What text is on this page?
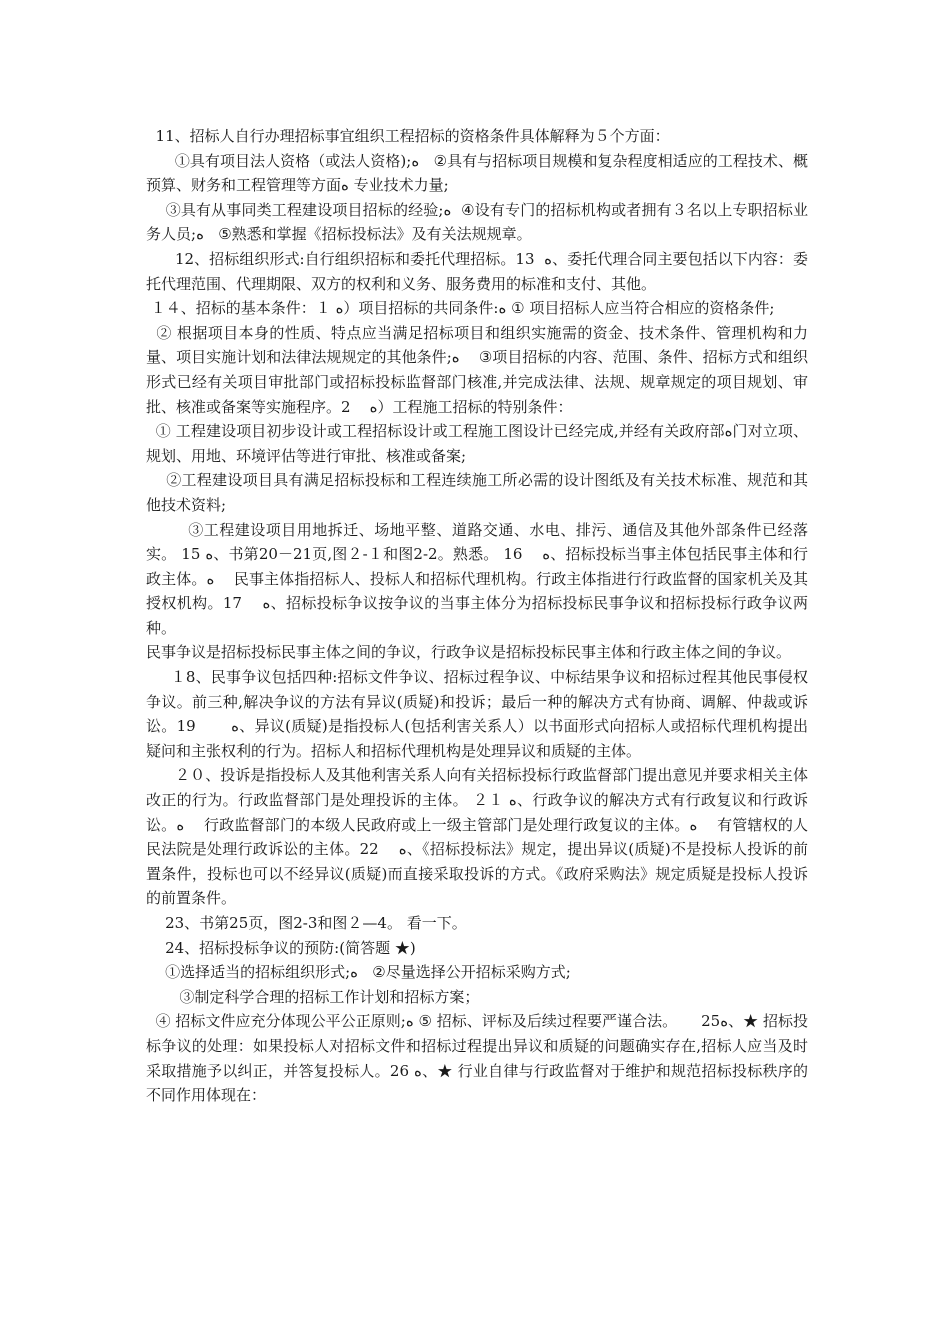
11、招标人自行办理招标事宜组织工程招标的资格条件具体解释为５个方面：

①具有项目法人资格（或法人资格);ﻩ   ②具有与招标项目规模和复杂程度相适应的工程技术、概预算、财务和工程管理等方面ﻩ 专业技术力量;

③具有从事同类工程建设项目招标的经验;ﻩ  ④设有专门的招标机构或者拥有３名以上专职招标业务人员;ﻩ   ⑤熟悉和掌握《招标投标法》及有关法规规章。

12、招标组织形式:自行组织招标和委托代理招标。13  ﻩ、委托代理合同主要包括以下内容：委托代理范围、代理期限、双方的权利和义务、服务费用的标准和支付、其他。

１４、招标的基本条件：１ ﻩ）项目招标的共同条件:ﻩ ① 项目招标人应当符合相应的资格条件;

② 根据项目本身的性质、特点应当满足招标项目和组织实施需的资金、技术条件、管理机构和力量、项目实施计划和法律法规规定的其他条件;ﻩ    ③项目招标的内容、范围、条件、招标方式和组织形式已经有关项目审批部门或招标投标监督部门核准,并完成法律、法规、规章规定的项目规划、审批、核准或备案等实施程序。2    ﻩ）工程施工招标的特别条件：

① 工程建设项目初步设计或工程招标设计或工程施工图设计已经完成,并经有关政府部ﻩ门对立项、规划、用地、环境评估等进行审批、核准或备案;

②工程建设项目具有满足招标投标和工程连续施工所必需的设计图纸及有关技术标准、规范和其他技术资料;

③工程建设项目用地拆迁、场地平整、道路交通、水电、排污、通信及其他外部条件已经落实。 15 ﻩ、书第20－21页,图２-１和图2-2。熟悉。 16    ﻩ、招标投标当事主体包括民事主体和行政主体。ﻩ    民事主体指招标人、投标人和招标代理机构。行政主体指进行行政监督的国家机关及其授权机构。17    ﻩ、招标投标争议按争议的当事主体分为招标投标民事争议和招标投标行政争议两种。

民事争议是招标投标民事主体之间的争议，行政争议是招标投标民事主体和行政主体之间的争议。

１8、民事争议包括四种:招标文件争议、招标过程争议、中标结果争议和招标过程其他民事侵权争议。前三种,解决争议的方法有异议(质疑)和投诉；最后一种的解决方式有协商、调解、仲裁或诉讼。19       ﻩ、异议(质疑)是指投标人(包括利害关系人）以书面形式向招标人或招标代理机构提出疑问和主张权利的行为。招标人和招标代理机构是处理异议和质疑的主体。

２０、投诉是指投标人及其他利害关系人向有关招标投标行政监督部门提出意见并要求相关主体改正的行为。行政监督部门是处理投诉的主体。 ２１ ﻩ、行政争议的解决方式有行政复议和行政诉讼。ﻩ    行政监督部门的本级人民政府或上一级主管部门是处理行政复议的主体。ﻩ    有管辖权的人民法院是处理行政诉讼的主体。22    ﻩ、《招标投标法》规定，提出异议(质疑)不是投标人投诉的前置条件，投标也可以不经异议(质疑)而直接采取投诉的方式。《政府采购法》规定质疑是投标人投诉的前置条件。

23、书第25页，图2-3和图２—4。 看一下。

24、招标投标争议的预防:(简答题 ★)

①选择适当的招标组织形式;ﻩ   ②尽量选择公开招标采购方式;

③制定科学合理的招标工作计划和招标方案；

④ 招标文件应充分体现公平公正原则;ﻩ ⑤ 招标、评标及后续过程要严谨合法。     ﻩ25、★ 招标投标争议的处理：如果投标人对招标文件和招标过程提出异议和质疑的问题确实存在,招标人应当及时采取措施予以纠正，并答复投标人。26 ﻩ、★ 行业自律与行政监督对于维护和规范招标投标秩序的不同作用体现在：
